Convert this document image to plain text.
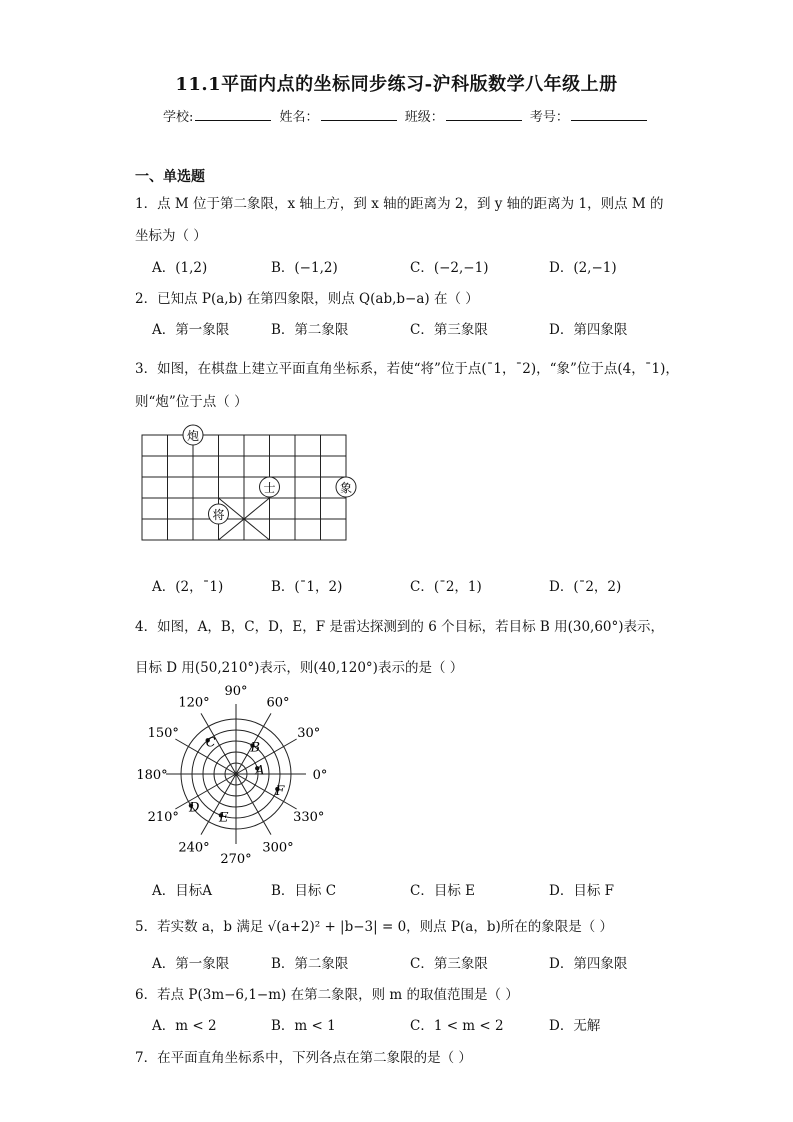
11.1平面内点的坐标同步练习-沪科版数学八年级上册
学校:	姓名：	班级：	考号：
一、单选题
1．点 M 位于第二象限，x 轴上方，到 x 轴的距离为 2，到 y 轴的距离为 1，则点 M 的
坐标为（ ）
A．(1,2)	B．(−1,2)	C．(−2,−1)	D．(2,−1)
2．已知点 P(a,b) 在第四象限，则点 Q(ab,b−a) 在（ ）
A．第一象限	B．第二象限	C．第三象限	D．第四象限
3．如图，在棋盘上建立平面直角坐标系，若使“将”位于点(¯1，¯2)，“象”位于点(4，¯1)，
则“炮”位于点（ ）
炮
士	象
将
A．(2，¯1)	B．(¯1，2)	C．(¯2，1)	D．(¯2，2)
4．如图，A，B，C，D，E，F 是雷达探测到的 6 个目标，若目标 B 用(30,60°)表示，
目标 D 用(50,210°)表示，则(40,120°)表示的是（ ）
0°
30°
60°
90°
120°
150°
180°
210°
240°
270°
300°
330°
A
B
C
D
E
F
A．目标A	B．目标 C	C．目标 E	D．目标 F
5．若实数 a，b 满足 √(a+2)² + |b−3| = 0，则点 P(a，b)所在的象限是（ ）
A．第一象限	B．第二象限	C．第三象限	D．第四象限
6．若点 P(3m−6,1−m) 在第二象限，则 m 的取值范围是（ ）
A．m < 2	B．m < 1	C．1 < m < 2	D．无解
7．在平面直角坐标系中，下列各点在第二象限的是（ ）
